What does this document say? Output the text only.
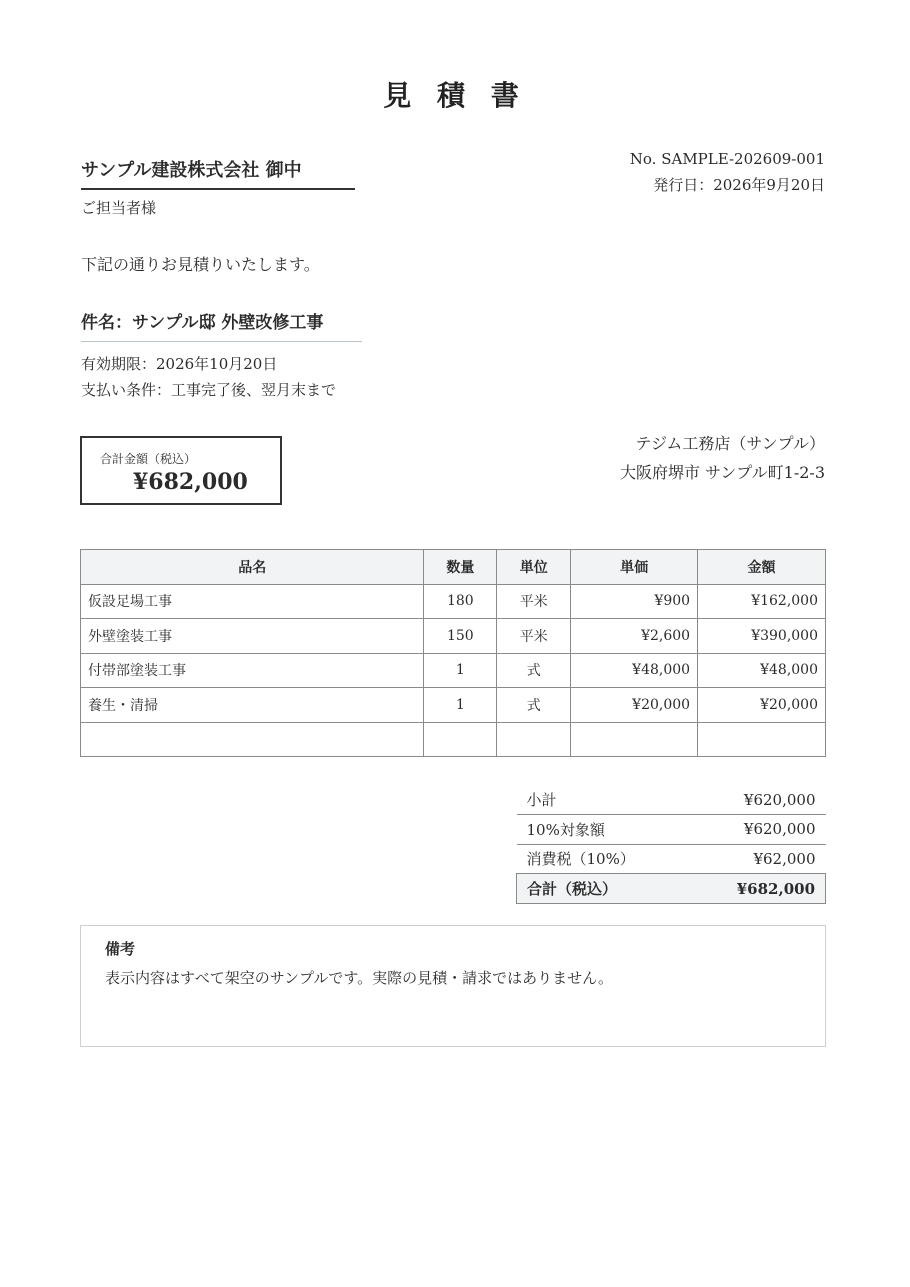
見 積 書
No. SAMPLE-202609-001
発行日：2026年9月20日
サンプル建設株式会社 御中
ご担当者様
下記の通りお見積りいたします。
件名：サンプル邸 外壁改修工事
有効期限：2026年10月20日
支払い条件：工事完了後、翌月末まで
合計金額（税込）
¥682,000
テジム工務店（サンプル）
大阪府堺市 サンプル町1-2-3
品名	数量	単位	単価	金額
仮設足場工事	180	平米	¥900	¥162,000
外壁塗装工事	150	平米	¥2,600	¥390,000
付帯部塗装工事	1	式	¥48,000	¥48,000
養生・清掃	1	式	¥20,000	¥20,000

小計	¥620,000
10%対象額	¥620,000
消費税（10%）	¥62,000
合計（税込）	¥682,000
備考
表示内容はすべて架空のサンプルです。実際の見積・請求ではありません。
